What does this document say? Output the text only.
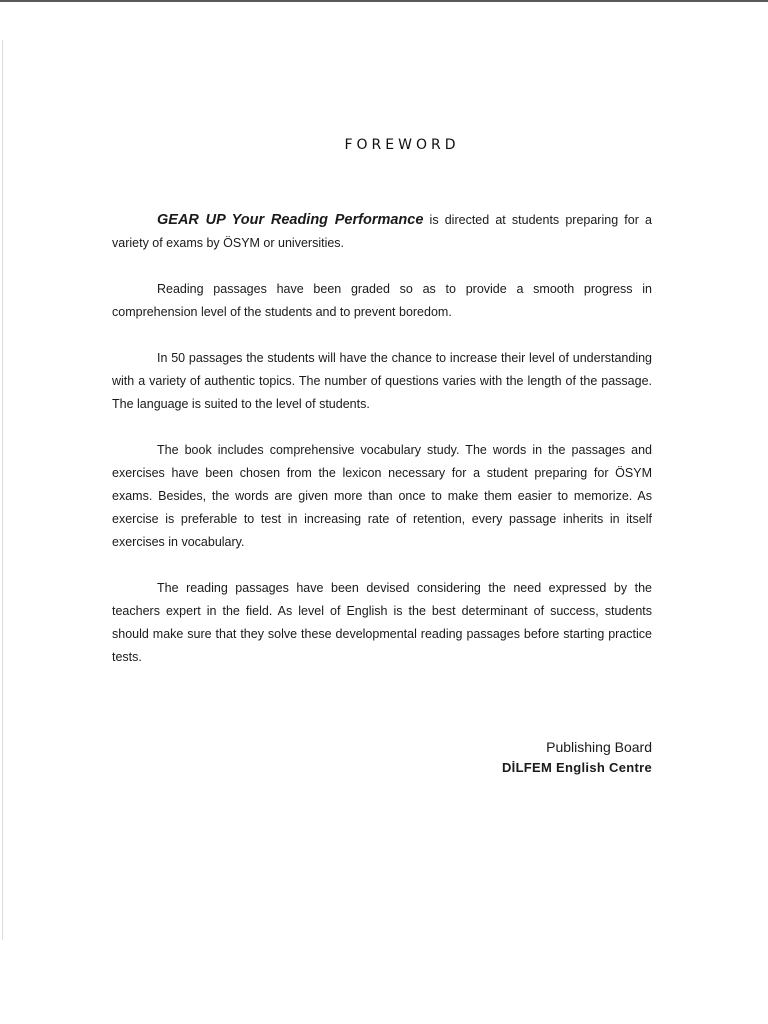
FOREWORD

GEAR UP Your Reading Performance is directed at students preparing for a variety of exams by ÖSYM or universities.

Reading passages have been graded so as to provide a smooth progress in comprehension level of the students and to prevent boredom.

In 50 passages the students will have the chance to increase their level of understanding with a variety of authentic topics. The number of questions varies with the length of the passage. The language is suited to the level of students.

The book includes comprehensive vocabulary study. The words in the passages and exercises have been chosen from the lexicon necessary for a student preparing for ÖSYM exams. Besides, the words are given more than once to make them easier to memorize. As exercise is preferable to test in increasing rate of retention, every passage inherits in itself exercises in vocabulary.

The reading passages have been devised considering the need expressed by the teachers expert in the field. As level of English is the best determinant of success, students should make sure that they solve these developmental reading passages before starting practice tests.

Publishing Board
DİLFEM English Centre
